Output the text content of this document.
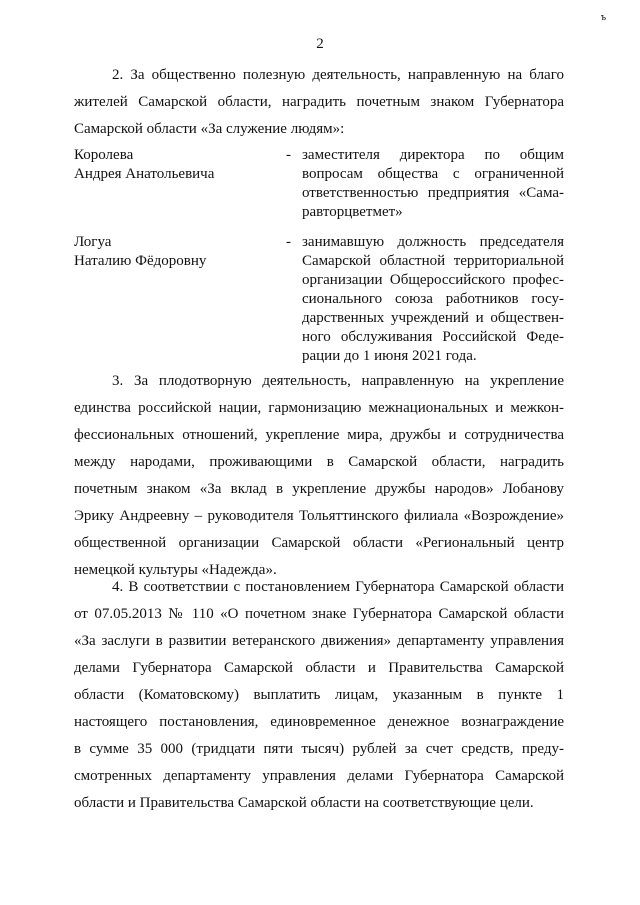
ъ
2
2. За общественно полезную деятельность, направленную на благо
жителей Самарской области, наградить почетным знаком Губернатора
Самарской области «За служение людям»:
Королева
Андрея Анатольевича
- заместителя директора по общим
вопросам общества с ограниченной
ответственностью предприятия «Сама-
равторцветмет»
Логуа
Наталию Фёдоровну
- занимавшую должность председателя
Самарской областной территориальной
организации Общероссийского профес-
сионального союза работников госу-
дарственных учреждений и обществен-
ного обслуживания Российской Феде-
рации до 1 июня 2021 года.
3. За плодотворную деятельность, направленную на укрепление
единства российской нации, гармонизацию межнациональных и межкон-
фессиональных отношений, укрепление мира, дружбы и сотрудничества
между народами, проживающими в Самарской области, наградить
почетным знаком «За вклад в укрепление дружбы народов» Лобанову
Эрику Андреевну – руководителя Тольяттинского филиала «Возрождение»
общественной организации Самарской области «Региональный центр
немецкой культуры «Надежда».
4. В соответствии с постановлением Губернатора Самарской области
от 07.05.2013 № 110 «О почетном знаке Губернатора Самарской области
«За заслуги в развитии ветеранского движения» департаменту управления
делами Губернатора Самарской области и Правительства Самарской
области (Коматовскому) выплатить лицам, указанным в пункте 1
настоящего постановления, единовременное денежное вознаграждение
в сумме 35 000 (тридцати пяти тысяч) рублей за счет средств, преду-
смотренных департаменту управления делами Губернатора Самарской
области и Правительства Самарской области на соответствующие цели.
